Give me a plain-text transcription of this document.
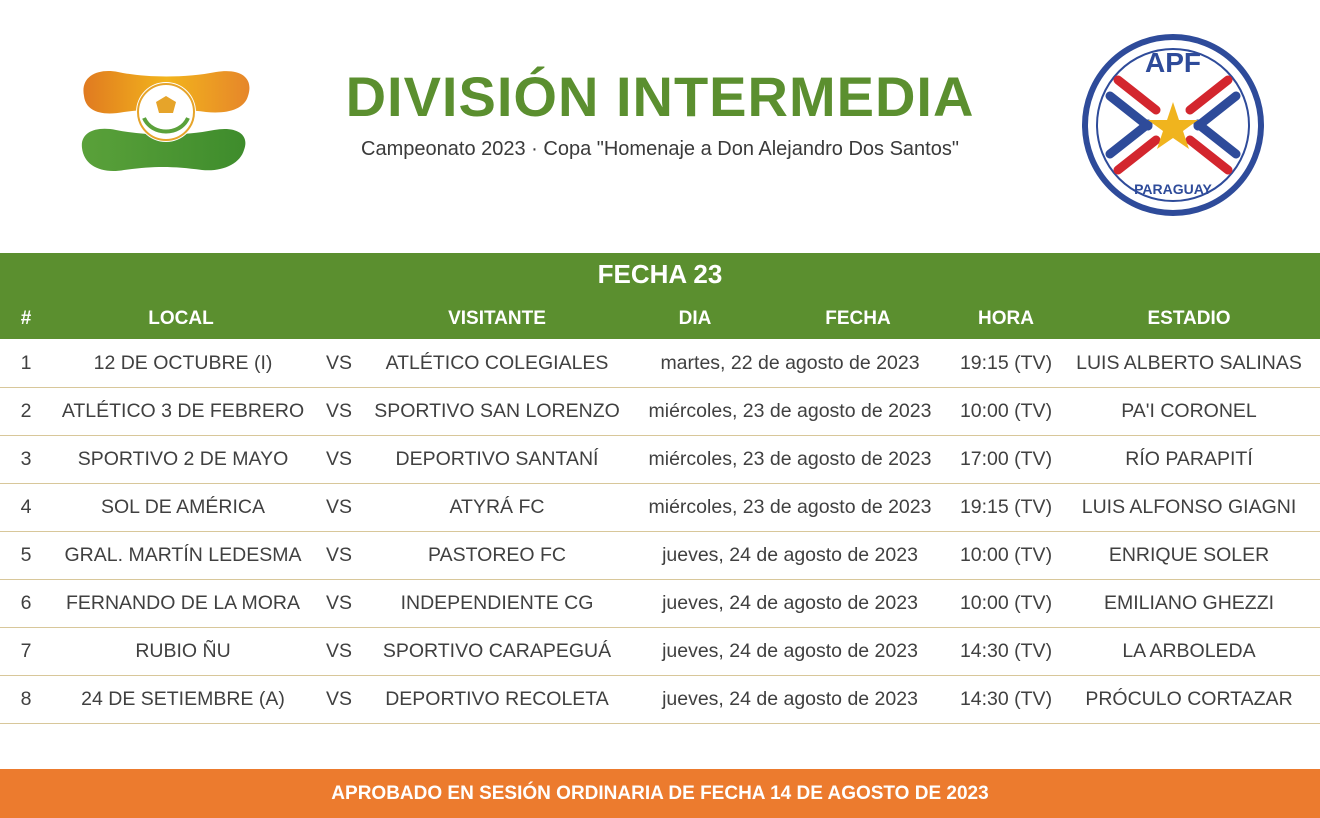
DIVISIÓN INTERMEDIA
Campeonato 2023 · Copa "Homenaje a Don Alejandro Dos Santos"
APF
PARAGUAY
FECHA 23
#	LOCAL	VISITANTE	DIA	FECHA	HORA	ESTADIO
1	12 DE OCTUBRE (I)	VS	ATLÉTICO COLEGIALES	martes, 22 de agosto de 2023	19:15 (TV)	LUIS ALBERTO SALINAS
2	ATLÉTICO 3 DE FEBRERO	VS	SPORTIVO SAN LORENZO	miércoles, 23 de agosto de 2023	10:00 (TV)	PA'I CORONEL
3	SPORTIVO 2 DE MAYO	VS	DEPORTIVO SANTANÍ	miércoles, 23 de agosto de 2023	17:00 (TV)	RÍO PARAPITÍ
4	SOL DE AMÉRICA	VS	ATYRÁ FC	miércoles, 23 de agosto de 2023	19:15 (TV)	LUIS ALFONSO GIAGNI
5	GRAL. MARTÍN LEDESMA	VS	PASTOREO FC	jueves, 24 de agosto de 2023	10:00 (TV)	ENRIQUE SOLER
6	FERNANDO DE LA MORA	VS	INDEPENDIENTE CG	jueves, 24 de agosto de 2023	10:00 (TV)	EMILIANO GHEZZI
7	RUBIO ÑU	VS	SPORTIVO CARAPEGUÁ	jueves, 24 de agosto de 2023	14:30 (TV)	LA ARBOLEDA
8	24 DE SETIEMBRE (A)	VS	DEPORTIVO RECOLETA	jueves, 24 de agosto de 2023	14:30 (TV)	PRÓCULO CORTAZAR
APROBADO EN SESIÓN ORDINARIA DE FECHA 14 DE AGOSTO DE 2023
